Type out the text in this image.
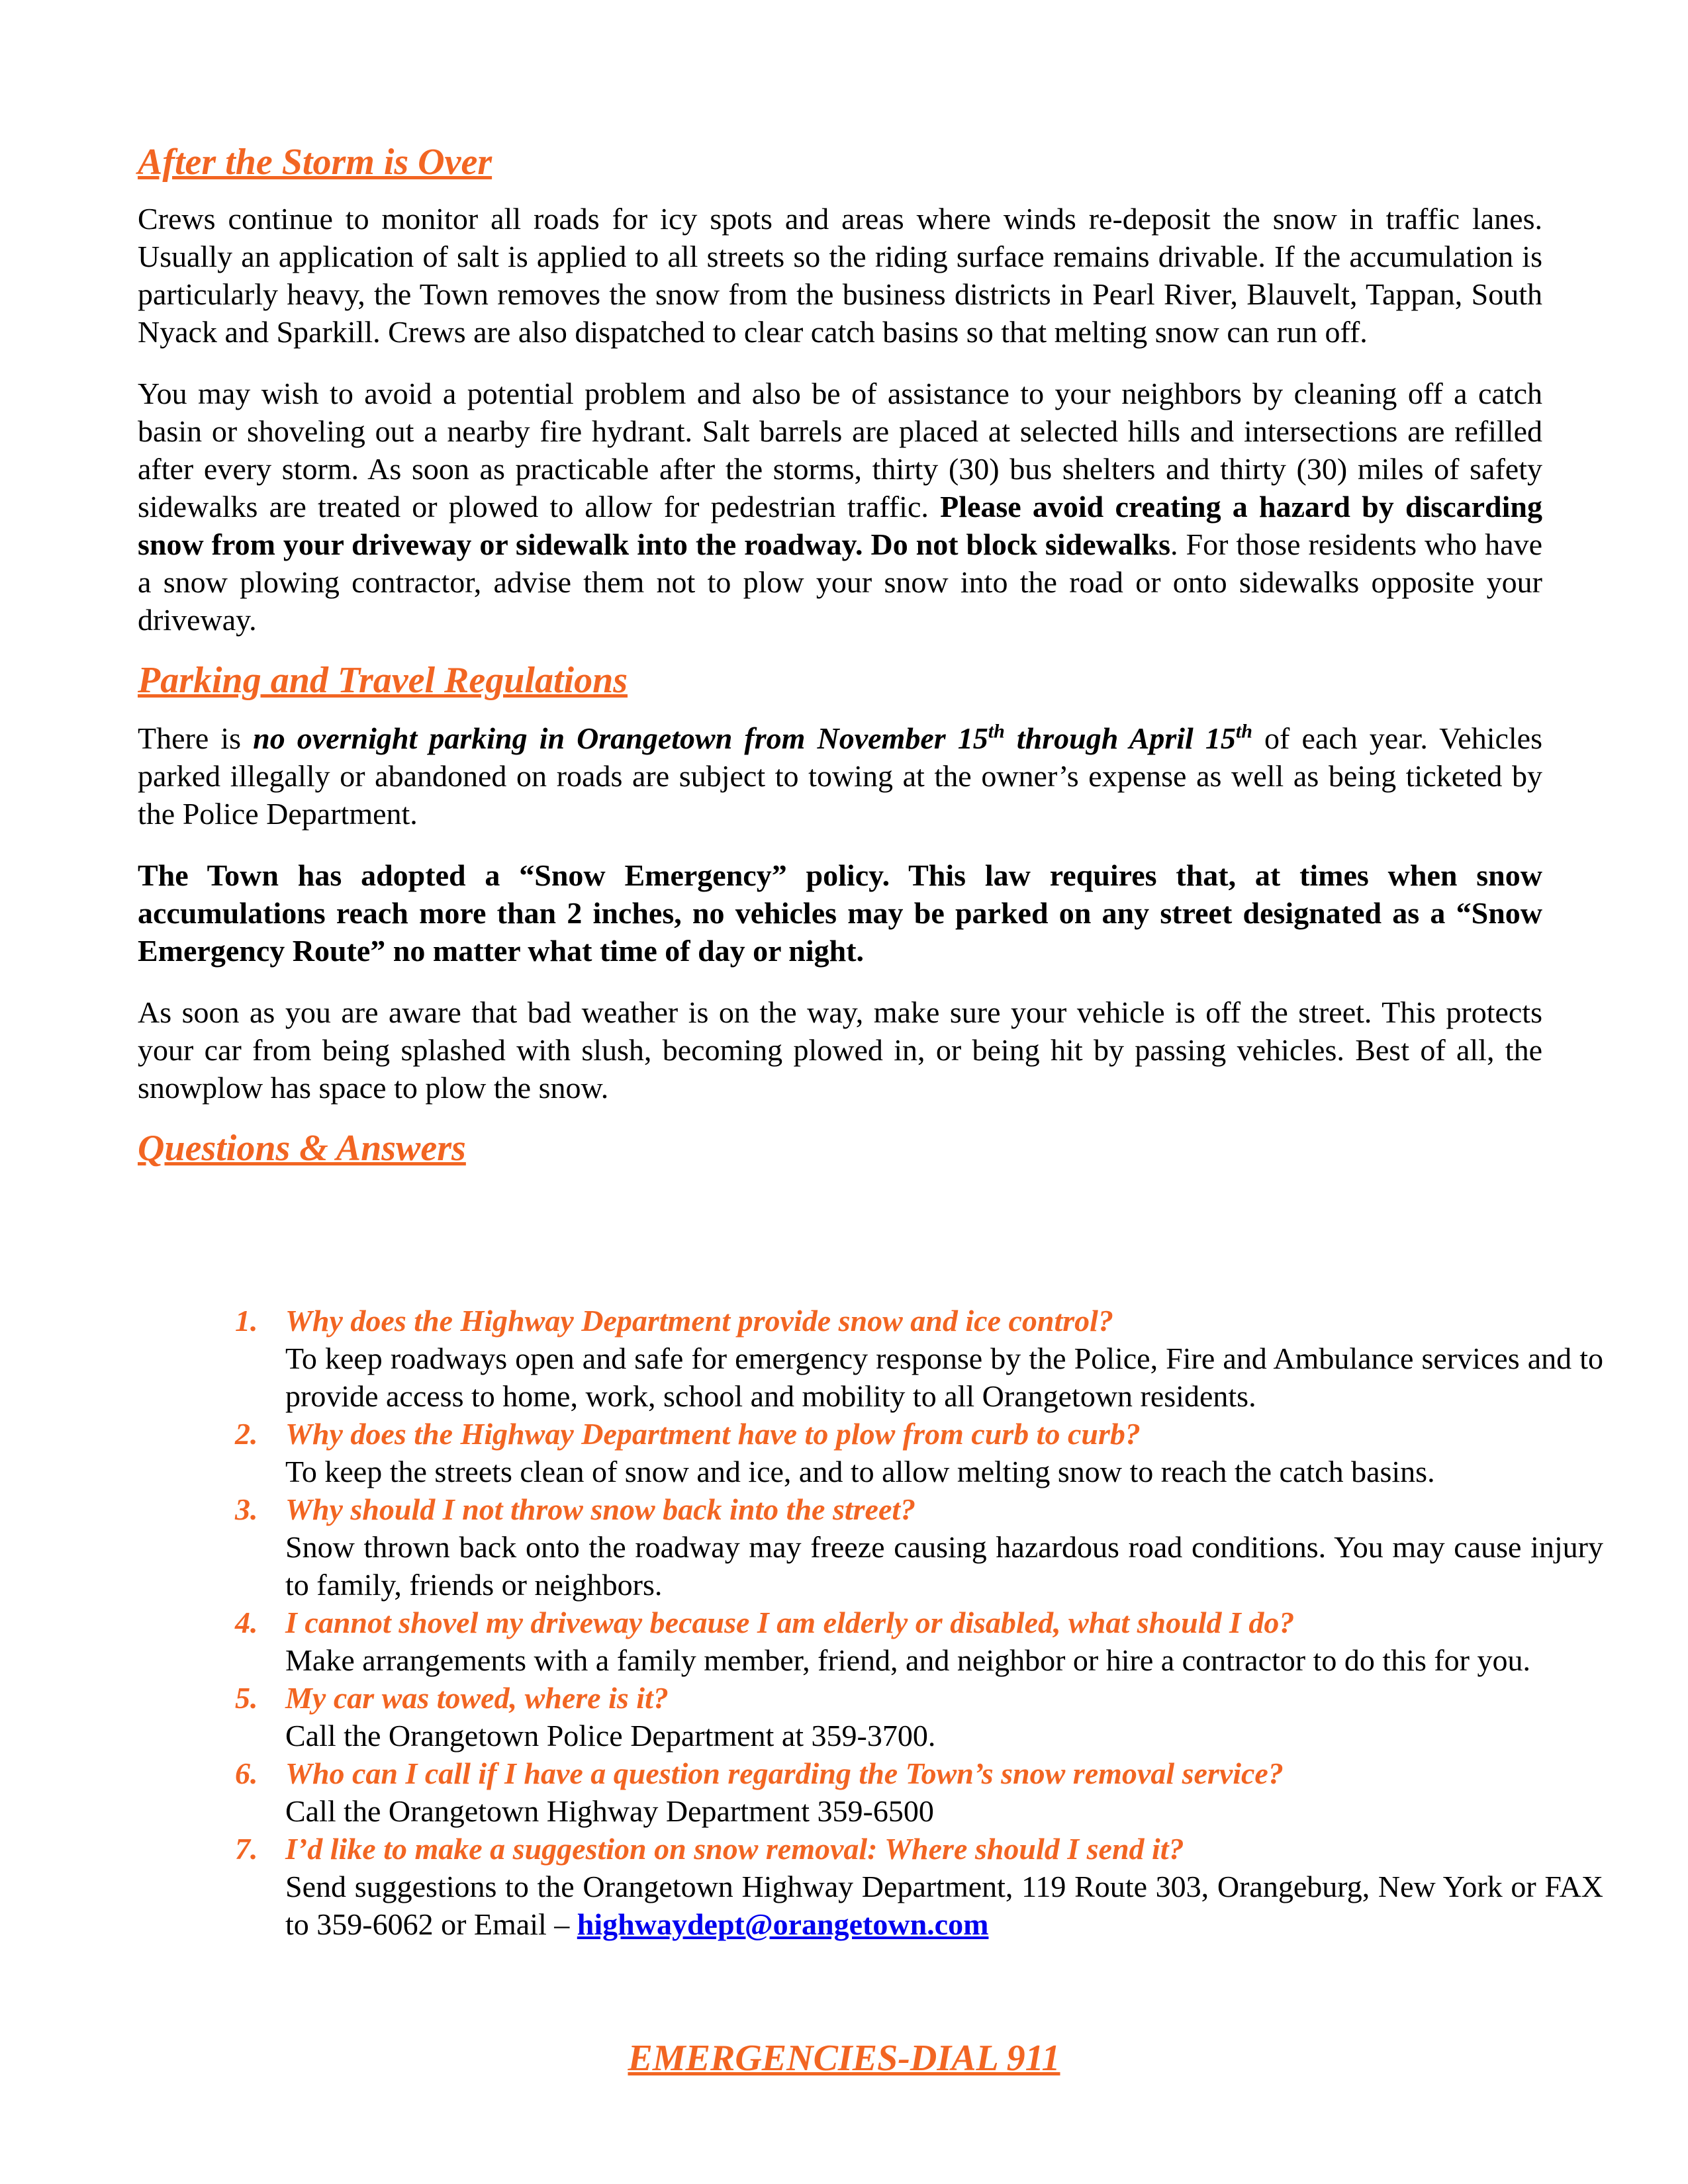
After the Storm is Over

Crews continue to monitor all roads for icy spots and areas where winds re-deposit the snow in traffic lanes. Usually an application of salt is applied to all streets so the riding surface remains drivable. If the accumulation is particularly heavy, the Town removes the snow from the business districts in Pearl River, Blauvelt, Tappan, South Nyack and Sparkill. Crews are also dispatched to clear catch basins so that melting snow can run off.

You may wish to avoid a potential problem and also be of assistance to your neighbors by cleaning off a catch basin or shoveling out a nearby fire hydrant. Salt barrels are placed at selected hills and intersections are refilled after every storm. As soon as practicable after the storms, thirty (30) bus shelters and thirty (30) miles of safety sidewalks are treated or plowed to allow for pedestrian traffic. Please avoid creating a hazard by discarding snow from your driveway or sidewalk into the roadway. Do not block sidewalks. For those residents who have a snow plowing contractor, advise them not to plow your snow into the road or onto sidewalks opposite your driveway.

Parking and Travel Regulations

There is no overnight parking in Orangetown from November 15th through April 15th of each year. Vehicles parked illegally or abandoned on roads are subject to towing at the owner’s expense as well as being ticketed by the Police Department.

The Town has adopted a “Snow Emergency” policy. This law requires that, at times when snow accumulations reach more than 2 inches, no vehicles may be parked on any street designated as a “Snow Emergency Route” no matter what time of day or night.

As soon as you are aware that bad weather is on the way, make sure your vehicle is off the street. This protects your car from being splashed with slush, becoming plowed in, or being hit by passing vehicles. Best of all, the snowplow has space to plow the snow.

Questions & Answers
1. Why does the Highway Department provide snow and ice control?

To keep roadways open and safe for emergency response by the Police, Fire and Ambulance services and to provide access to home, work, school and mobility to all Orangetown residents.

2. Why does the Highway Department have to plow from curb to curb?

To keep the streets clean of snow and ice, and to allow melting snow to reach the catch basins.

3. Why should I not throw snow back into the street?

Snow thrown back onto the roadway may freeze causing hazardous road conditions. You may cause injury to family, friends or neighbors.

4. I cannot shovel my driveway because I am elderly or disabled, what should I do?

Make arrangements with a family member, friend, and neighbor or hire a contractor to do this for you.

5. My car was towed, where is it?

Call the Orangetown Police Department at 359-3700.

6. Who can I call if I have a question regarding the Town’s snow removal service?

Call the Orangetown Highway Department 359-6500

7. I’d like to make a suggestion on snow removal: Where should I send it?

Send suggestions to the Orangetown Highway Department, 119 Route 303, Orangeburg, New York or FAX to 359-6062 or Email – highwaydept@orangetown.com

EMERGENCIES-DIAL 911
